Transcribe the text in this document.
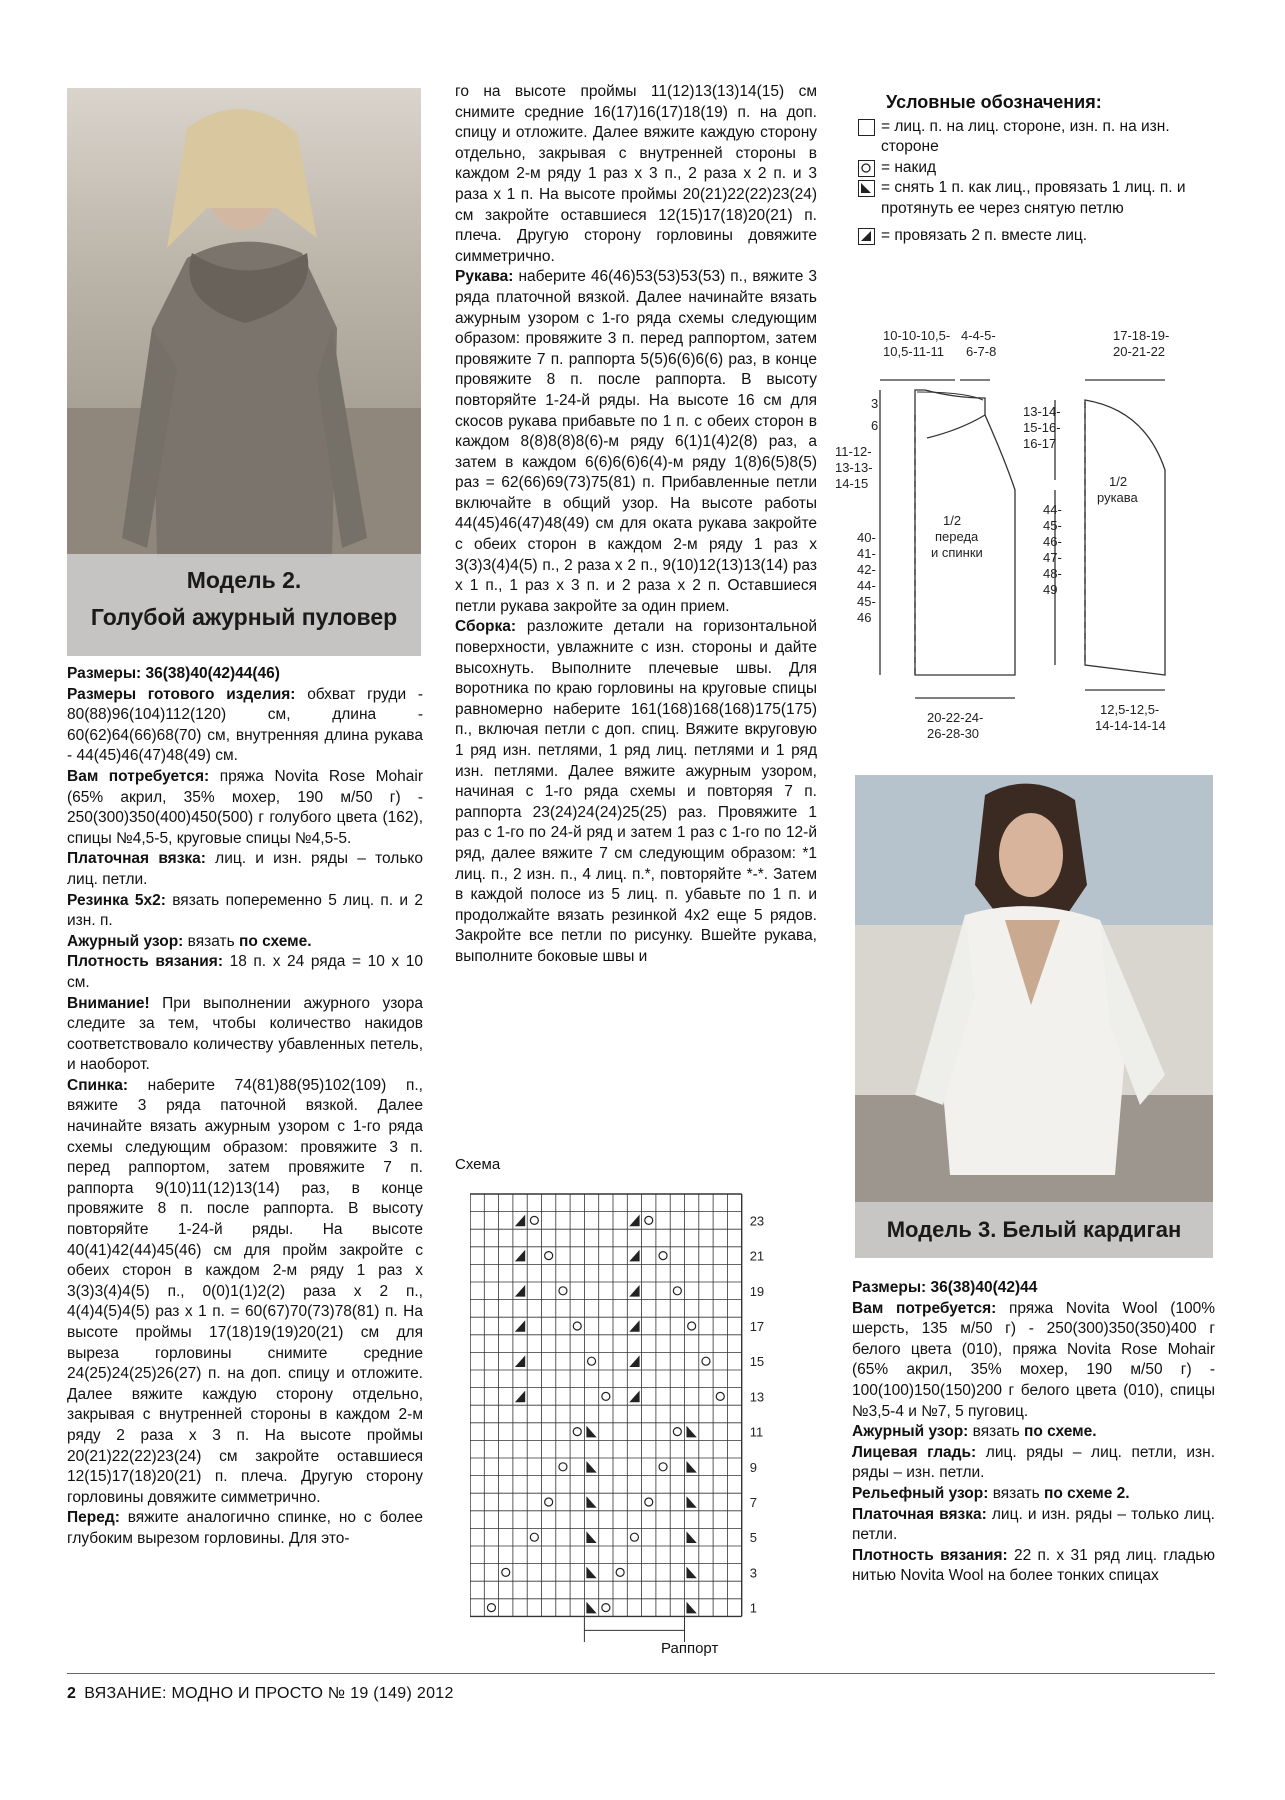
Модель 2.
Голубой ажурный пуловер

Размеры: 36(38)40(42)44(46)

Размеры готового изделия: обхват груди - 80(88)96(104)112(120) см, длина - 60(62)64(66)68(70) см, внутренняя длина рукава - 44(45)46(47)48(49) см.

Вам потребуется: пряжа Novita Rose Mohair (65% акрил, 35% мохер, 190 м/50 г) - 250(300)350(400)450(500) г голубого цвета (162), спицы №4,5-5, круговые спицы №4,5-5.

Платочная вязка: лиц. и изн. ряды – только лиц. петли.

Резинка 5х2: вязать попеременно 5 лиц. п. и 2 изн. п.

Ажурный узор: вязать по схеме.

Плотность вязания: 18 п. х 24 ряда = 10 х 10 см.

Внимание! При выполнении ажурного узора следите за тем, чтобы количество накидов соответствовало количеству убавленных петель, и наоборот.

Спинка: наберите 74(81)88(95)102(109) п., вяжите 3 ряда паточной вязкой. Далее начинайте вязать ажурным узором с 1-го ряда схемы следующим образом: провяжите 3 п. перед раппортом, затем провяжите 7 п. раппорта 9(10)11(12)13(14) раз, в конце провяжите 8 п. после раппорта. В высоту повторяйте 1-24-й ряды. На высоте 40(41)42(44)45(46) см для пройм закройте с обеих сторон в каждом 2-м ряду 1 раз х 3(3)3(4)4(5) п., 0(0)1(1)2(2) раза х 2 п., 4(4)4(5)4(5) раз х 1 п. = 60(67)70(73)78(81) п. На высоте проймы 17(18)19(19)20(21) см для выреза горловины снимите средние 24(25)24(25)26(27) п. на доп. спицу и отложите. Далее вяжите каждую сторону отдельно, закрывая с внутренней стороны в каждом 2-м ряду 2 раза х 3 п. На высоте проймы 20(21)22(22)23(24) см закройте оставшиеся 12(15)17(18)20(21) п. плеча. Другую сторону горловины довяжите симметрично.

Перед: вяжите аналогично спинке, но с более глубоким вырезом горловины. Для это-

го на высоте проймы 11(12)13(13)14(15) см снимите средние 16(17)16(17)18(19) п. на доп. спицу и отложите. Далее вяжите каждую сторону отдельно, закрывая с внутренней стороны в каждом 2-м ряду 1 раз х 3 п., 2 раза х 2 п. и 3 раза х 1 п. На высоте проймы 20(21)22(22)23(24) см закройте оставшиеся 12(15)17(18)20(21) п. плеча. Другую сторону горловины довяжите симметрично.

Рукава: наберите 46(46)53(53)53(53) п., вяжите 3 ряда платочной вязкой. Далее начинайте вязать ажурным узором с 1-го ряда схемы следующим образом: провяжите 3 п. перед раппортом, затем провяжите 7 п. раппорта 5(5)6(6)6(6) раз, в конце провяжите 8 п. после раппорта. В высоту повторяйте 1-24-й ряды. На высоте 16 см для скосов рукава прибавьте по 1 п. с обеих сторон в каждом 8(8)8(8)8(6)-м ряду 6(1)1(4)2(8) раз, а затем в каждом 6(6)6(6)6(4)-м ряду 1(8)6(5)8(5) раз = 62(66)69(73)75(81) п. Прибавленные петли включайте в общий узор. На высоте работы 44(45)46(47)48(49) см для оката рукава закройте с обеих сторон в каждом 2-м ряду 1 раз х 3(3)3(4)4(5) п., 2 раза х 2 п., 9(10)12(13)13(14) раз х 1 п., 1 раз х 3 п. и 2 раза х 2 п. Оставшиеся петли рукава закройте за один прием.

Сборка: разложите детали на горизонтальной поверхности, увлажните с изн. стороны и дайте высохнуть. Выполните плечевые швы. Для воротника по краю горловины на круговые спицы равномерно наберите 161(168)168(168)175(175) п., включая петли с доп. спиц. Вяжите вкруговую 1 ряд изн. петлями, 1 ряд лиц. петлями и 1 ряд изн. петлями. Далее вяжите ажурным узором, начиная с 1-го ряда схемы и повторяя 7 п. раппорта 23(24)24(24)25(25) раз. Провяжите 1 раз с 1-го по 24-й ряд и затем 1 раз с 1-го по 12-й ряд, далее вяжите 7 см следующим образом: *1 лиц. п., 2 изн. п., 4 лиц. п.*, повторяйте *-*. Затем в каждой полосе из 5 лиц. п. убавьте по 1 п. и продолжайте вязать резинкой 4х2 еще 5 рядов. Закройте все петли по рисунку. Вшейте рукава, выполните боковые швы и

Схема
23
21
19
17
15
13
11
9
7
5
3
1
Раппорт
Условные обозначения:
= лиц. п. на лиц. стороне, изн. п. на изн. стороне
= накид
= снять 1 п. как лиц., провязать 1 лиц. п. и протянуть ее через снятую петлю
= провязать 2 п. вместе лиц.
10-10-10,5-
10,5-11-11
4-4-5-
6-7-8
17-18-19-
20-21-22
3
6
11-12-
13-13-
14-15
40-
41-
42-
44-
45-
46
1/2
переда
и спинки
13-14-
15-16-
16-17
44-
45-
46-
47-
48-
49
1/2
рукава
20-22-24-
26-28-30
12,5-12,5-
14-14-14-14
Модель 3. Белый кардиган

Размеры: 36(38)40(42)44

Вам потребуется: пряжа Novita Wool (100% шерсть, 135 м/50 г) - 250(300)350(350)400 г белого цвета (010), пряжа Novita Rose Mohair (65% акрил, 35% мохер, 190 м/50 г) - 100(100)150(150)200 г белого цвета (010), спицы №3,5-4 и №7, 5 пуговиц.

Ажурный узор: вязать по схеме.

Лицевая гладь: лиц. ряды – лиц. петли, изн. ряды – изн. петли.

Рельефный узор: вязать по схеме 2.

Платочная вязка: лиц. и изн. ряды – только лиц. петли.

Плотность вязания: 22 п. х 31 ряд лиц. гладью нитью Novita Wool на более тонких спицах

2 ВЯЗАНИЕ: МОДНО И ПРОСТО № 19 (149) 2012
